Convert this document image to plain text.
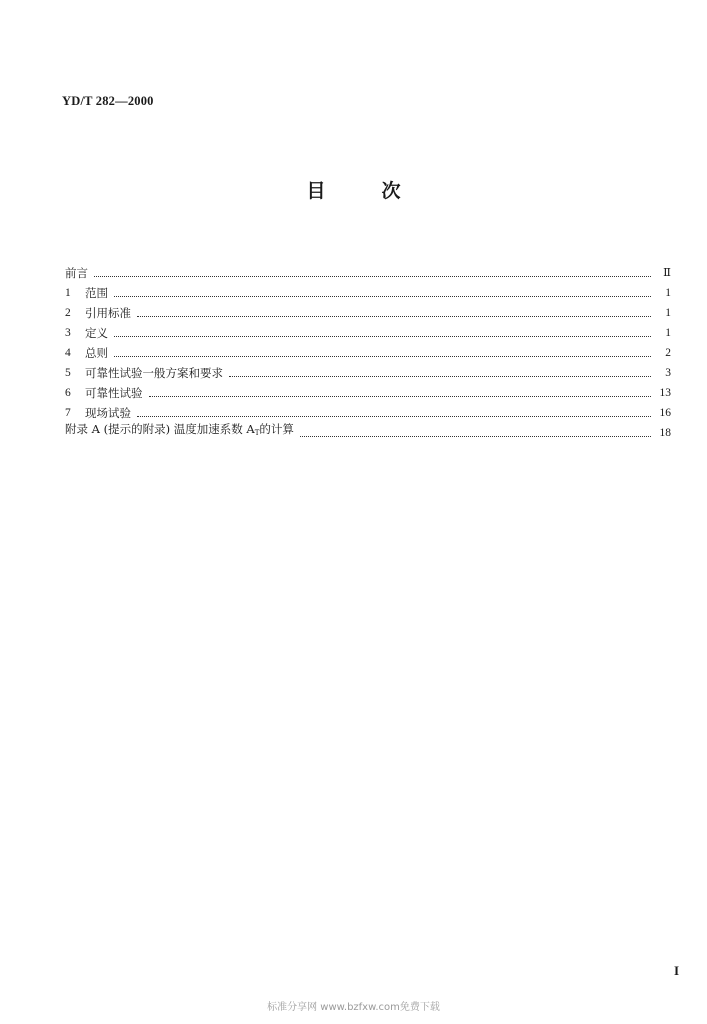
YD/T 282—2000
目	次
前言	Ⅱ
1	范围	1
2	引用标准	1
3	定义	1
4	总则	2
5	可靠性试验一般方案和要求	3
6	可靠性试验	13
7	现场试验	16
附录 A (提示的附录) 温度加速系数 $A_T$的计算	18
I
标准分享网 www.bzfxw.com免费下载
